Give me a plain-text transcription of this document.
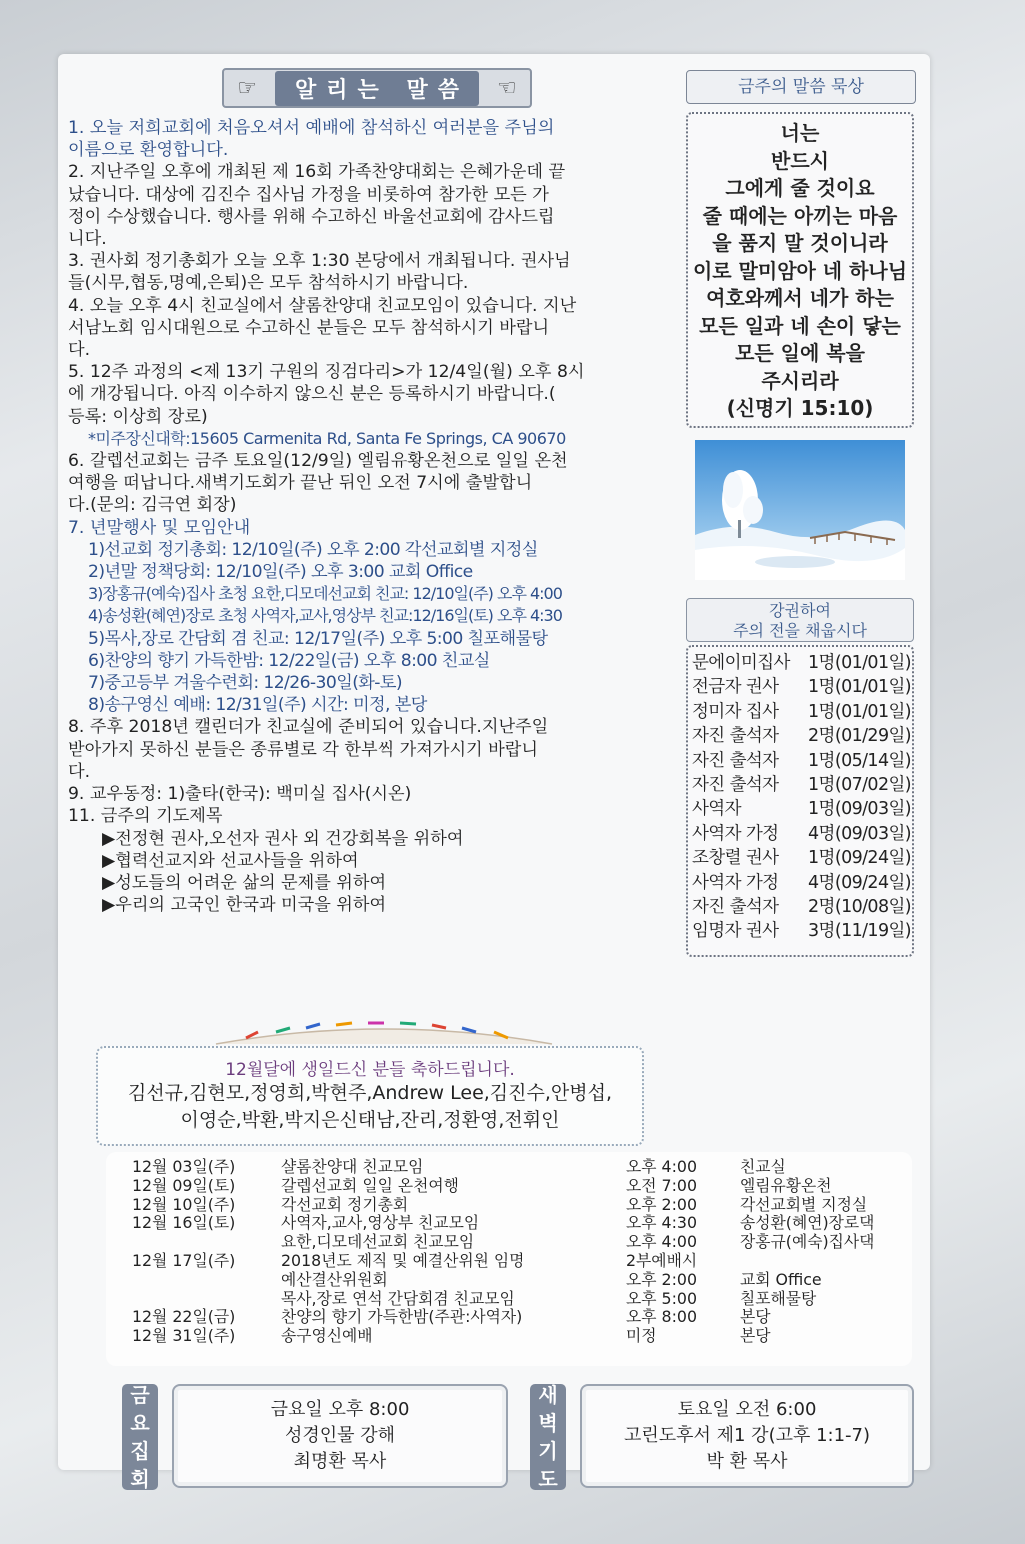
☞	알리는 말씀	☜
1. 오늘 저희교회에 처음오셔서 예배에 참석하신 여러분을 주님의
이름으로 환영합니다.
2. 지난주일 오후에 개최된 제 16회 가족찬양대회는 은혜가운데 끝
났습니다. 대상에 김진수 집사님 가정을 비롯하여 참가한 모든 가
정이 수상했습니다. 행사를 위해 수고하신 바울선교회에 감사드립
니다.
3. 권사회 정기총회가 오늘 오후 1:30 본당에서 개최됩니다. 권사님
들(시무,협동,명예,은퇴)은 모두 참석하시기 바랍니다.
4. 오늘 오후 4시 친교실에서 샬롬찬양대 친교모임이 있습니다. 지난
서남노회 임시대원으로 수고하신 분들은 모두 참석하시기 바랍니
다.
5. 12주 과정의 <제 13기 구원의 징검다리>가 12/4일(월) 오후 8시
에 개강됩니다. 아직 이수하지 않으신 분은 등록하시기 바랍니다.(
등록: 이상희 장로)
*미주장신대학:15605 Carmenita Rd, Santa Fe Springs, CA 90670
6. 갈렙선교회는 금주 토요일(12/9일) 엘림유황온천으로 일일 온천
여행을 떠납니다.새벽기도회가 끝난 뒤인 오전 7시에 출발합니
다.(문의: 김극연 회장)
7. 년말행사 및 모임안내
1)선교회 정기총회: 12/10일(주) 오후 2:00 각선교회별 지정실
2)년말 정책당회: 12/10일(주) 오후 3:00 교회 Office
3)장홍규(예숙)집사 초청 요한,디모데선교회 친교: 12/10일(주) 오후 4:00
4)송성환(혜연)장로 초청 사역자,교사,영상부 친교:12/16일(토) 오후 4:30
5)목사,장로 간담회 겸 친교: 12/17일(주) 오후 5:00 칠포해물탕
6)찬양의 향기 가득한밤: 12/22일(금) 오후 8:00 친교실
7)중고등부 겨울수련회: 12/26-30일(화-토)
8)송구영신 예배: 12/31일(주) 시간: 미정, 본당
8. 주후 2018년 캘린더가 친교실에 준비되어 있습니다.지난주일
받아가지 못하신 분들은 종류별로 각 한부씩 가져가시기 바랍니
다.
9. 교우동정: 1)출타(한국): 백미실 집사(시온)
11. 금주의 기도제목
▶전정현 권사,오선자 권사 외 건강회복을 위하여
▶협력선교지와 선교사들을 위하여
▶성도들의 어려운 삶의 문제를 위하여
▶우리의 고국인 한국과 미국을 위하여
금주의 말씀 묵상
너는
반드시
그에게 줄 것이요
줄 때에는 아끼는 마음
을 품지 말 것이니라
이로 말미암아 네 하나님
여호와께서 네가 하는
모든 일과 네 손이 닿는
모든 일에 복을
주시리라
(신명기 15:10)
강권하여
주의 전을 채웁시다
문에이미집사	1명(01/01일)
전금자 권사	1명(01/01일)
정미자 집사	1명(01/01일)
자진 출석자	2명(01/29일)
자진 출석자	1명(05/14일)
자진 출석자	1명(07/02일)
사역자	1명(09/03일)
사역자 가정	4명(09/03일)
조창렬 권사	1명(09/24일)
사역자 가정	4명(09/24일)
자진 출석자	2명(10/08일)
임명자 권사	3명(11/19일)
12월달에 생일드신 분들 축하드립니다.
김선규,김현모,정영희,박현주,Andrew Lee,김진수,안병섭,
이영순,박환,박지은신태남,잔리,정환영,전휘인
12월 03일(주)	샬롬찬양대 친교모임	오후 4:00	친교실
12월 09일(토)	갈렙선교회 일일 온천여행	오전 7:00	엘림유황온천
12월 10일(주)	각선교회 정기총회	오후 2:00	각선교회별 지정실
12월 16일(토)	사역자,교사,영상부 친교모임	오후 4:30	송성환(혜연)장로댁
요한,디모데선교회 친교모임	오후 4:00	장홍규(예숙)집사댁
12월 17일(주)	2018년도 제직 및 예결산위원 임명	2부예배시
예산결산위원회	오후 2:00	교회 Office
목사,장로 연석 간담회겸 친교모임	오후 5:00	칠포해물탕
12월 22일(금)	찬양의 향기 가득한밤(주관:사역자)	오후 8:00	본당
12월 31일(주)	송구영신예배	미정	본당
금
요
집
회
금요일 오후 8:00
성경인물 강해
최명환 목사
새
벽
기
도
토요일 오전 6:00
고린도후서 제1 강(고후 1:1-7)
박 환 목사
